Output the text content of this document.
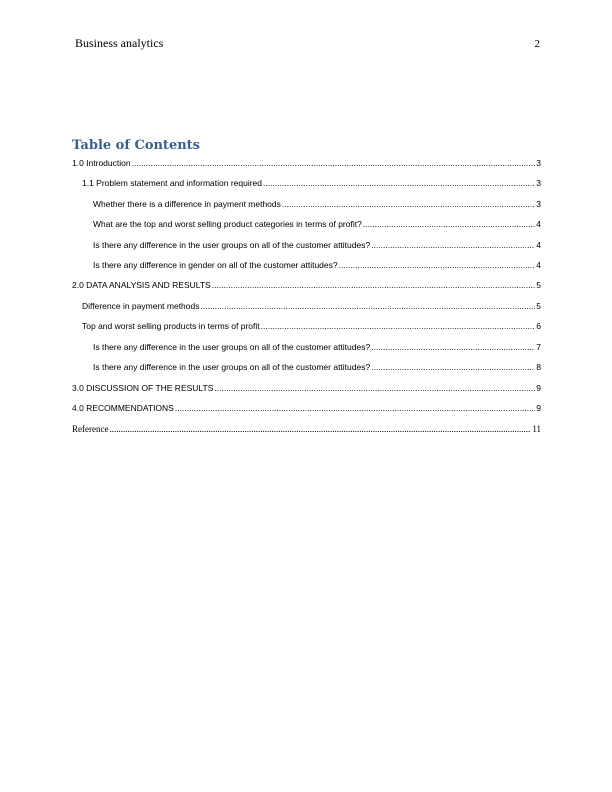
Business analytics	2
Table of Contents
1.0 Introduction .....	3
1.1 Problem statement and information required .....	3
Whether there is a difference in payment methods .....	3
What are the top and worst selling product categories in terms of profit? .....	4
Is there any difference in the user groups on all of the customer attitudes? .....	4
Is there any difference in gender on all of the customer attitudes? .....	4
2.0 DATA ANALYSIS AND RESULTS .....	5
Difference in payment methods .....	5
Top and worst selling products in terms of profit .....	6
Is there any difference in the user groups on all of the customer attitudes? .....	7
Is there any difference in the user groups on all of the customer attitudes? .....	8
3.0 DISCUSSION OF THE RESULTS .....	9
4.0 RECOMMENDATIONS .....	9
Reference .....	11
